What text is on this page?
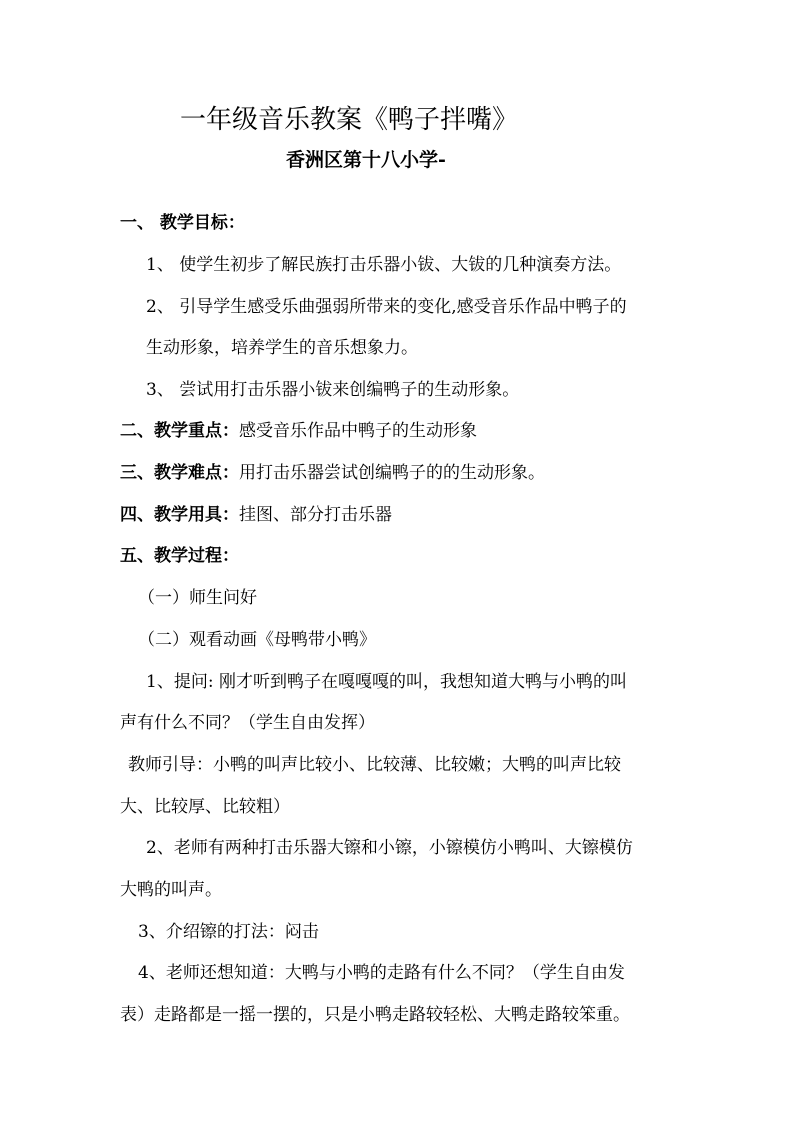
一年级音乐教案《鸭子拌嘴》
香洲区第十八小学-
一、 教学目标：
1、 使学生初步了解民族打击乐器小钹、大钹的几种演奏方法。
2、 引导学生感受乐曲强弱所带来的变化,感受音乐作品中鸭子的
生动形象，培养学生的音乐想象力。
3、 尝试用打击乐器小钹来创编鸭子的生动形象。
二、教学重点：感受音乐作品中鸭子的生动形象
三、教学难点：用打击乐器尝试创编鸭子的的生动形象。
四、教学用具：挂图、部分打击乐器
五、教学过程：
（一）师生问好
（二）观看动画《母鸭带小鸭》
1、提问: 刚才听到鸭子在嘎嘎嘎的叫，我想知道大鸭与小鸭的叫
声有什么不同？（学生自由发挥）
教师引导：小鸭的叫声比较小、比较薄、比较嫩；大鸭的叫声比较
大、比较厚、比较粗）
2、老师有两种打击乐器大镲和小镲，小镲模仿小鸭叫、大镲模仿
大鸭的叫声。
3、介绍镲的打法：闷击
4、老师还想知道：大鸭与小鸭的走路有什么不同？（学生自由发
表）走路都是一摇一摆的，只是小鸭走路较轻松、大鸭走路较笨重。
